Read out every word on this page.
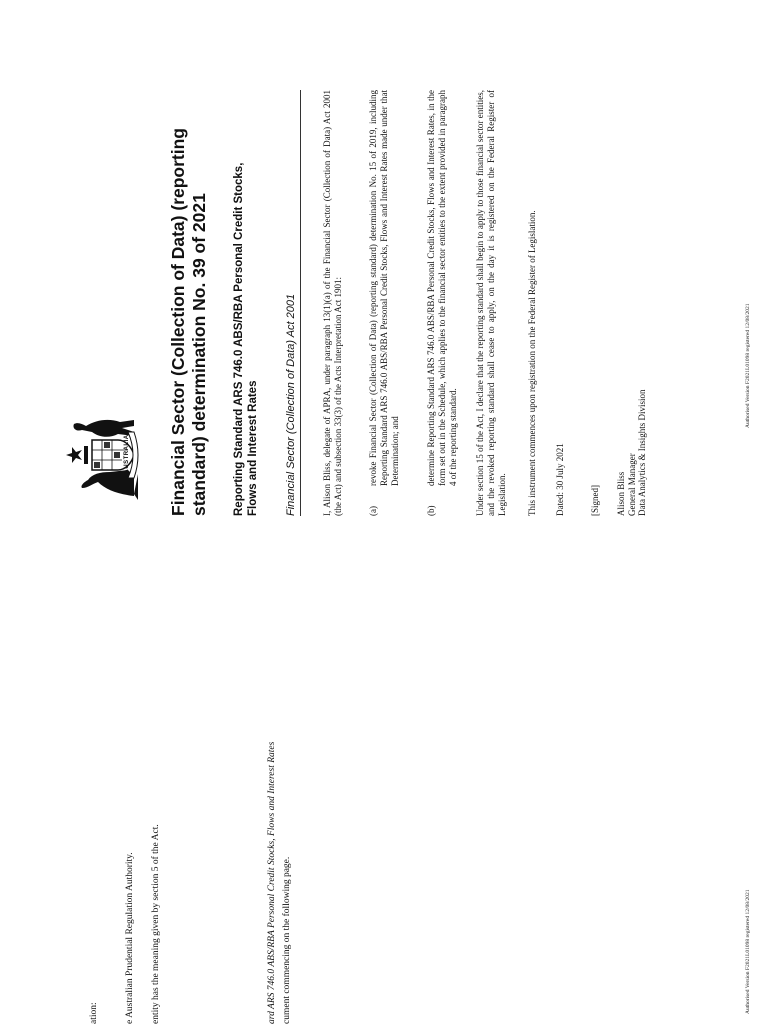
ation:	e Australian Prudential Regulation Authority. entity has the meaning given by section 5 of the Act.	ard ARS 746.0 ABS/RBA Personal Credit Stocks, Flows and Interest Rates cument commencing on the following page.	Authorised Version F2021L01098 registered 12/08/2021
AUSTRALIA Financial Sector (Collection of Data) (reporting standard) determination No. 39 of 2021 Reporting Standard ARS 746.0 ABS/RBA Personal Credit Stocks, Flows and Interest Rates Financial Sector (Collection of Data) Act 2001	I, Alison Bliss, delegate of APRA, under paragraph 13(1)(a) of the Financial Sector (Collection of Data) Act 2001 (the Act) and subsection 33(3) of the Acts Interpretation Act 1901:	(a)
revoke Financial Sector (Collection of Data) (reporting standard) determination No. 15 of 2019, including Reporting Standard ARS 746.0 ABS/RBA Personal Credit Stocks, Flows and Interest Rates made under that Determination; and
(b)
determine Reporting Standard ARS 746.0 ABS/RBA Personal Credit Stocks, Flows and Interest Rates, in the form set out in the Schedule, which applies to the financial sector entities to the extent provided in paragraph 4 of the reporting standard. Under section 15 of the Act, I declare that the reporting standard shall begin to apply to those financial sector entities, and the revoked reporting standard shall cease to apply, on the day it is registered on the Federal Register of Legislation. This instrument commences upon registration on the Federal Register of Legislation. Dated: 30 July 2021	[Signed] Alison Bliss General Manager Data Analytics & Insights Division
Authorised Version F2021L01098 registered 12/08/2021
